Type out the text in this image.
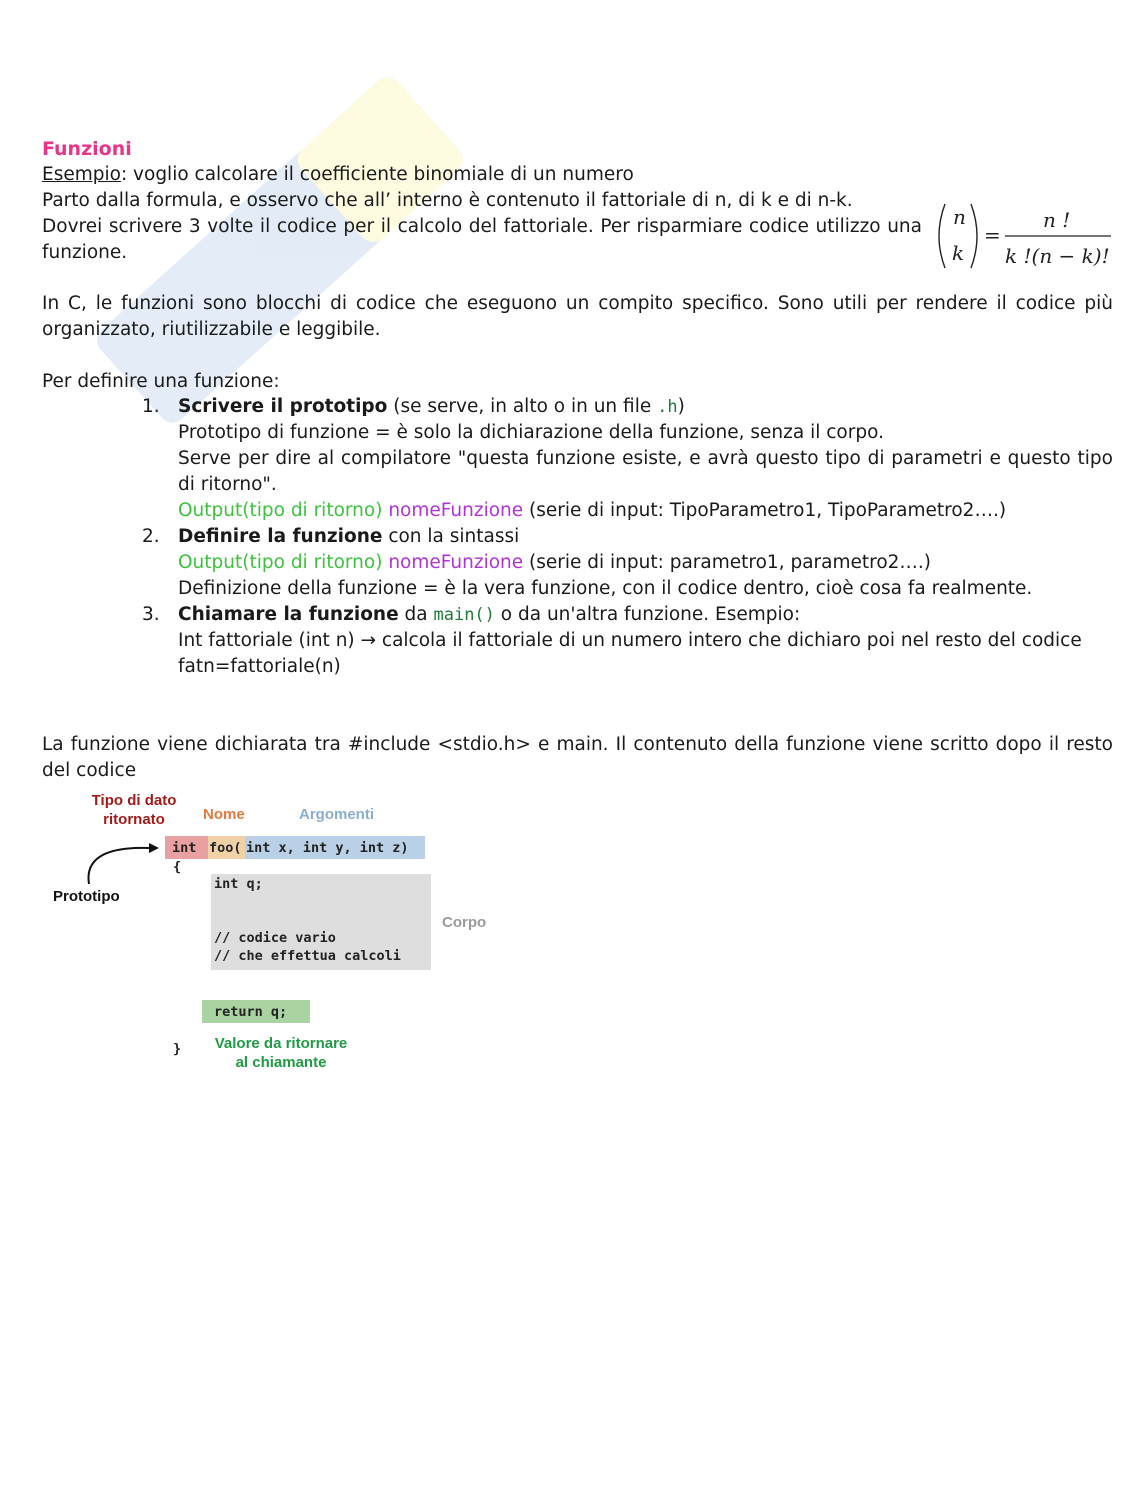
Funzioni

Esempio: voglio calcolare il coefficiente binomiale di un numero

Parto dalla formula, e osservo che all’ interno è contenuto il fattoriale di n, di k e di n-k.

Dovrei scrivere 3 volte il codice per il calcolo del fattoriale. Per risparmiare codice utilizzo una funzione.

In C, le funzioni sono blocchi di codice che eseguono un compito specifico. Sono utili per rendere il codice più organizzato, riutilizzabile e leggibile.

Per definire una funzione:

1. Scrivere il prototipo (se serve, in alto o in un file .h)
Prototipo di funzione = è solo la dichiarazione della funzione, senza il corpo.
Serve per dire al compilatore "questa funzione esiste, e avrà questo tipo di parametri e questo tipo di ritorno".
Output(tipo di ritorno) nomeFunzione (serie di input: TipoParametro1, TipoParametro2….)
2. Definire la funzione con la sintassi
Output(tipo di ritorno) nomeFunzione (serie di input: parametro1, parametro2….)
Definizione della funzione = è la vera funzione, con il codice dentro, cioè cosa fa realmente.
3. Chiamare la funzione da main() o da un'altra funzione. Esempio:
Int fattoriale (int n) → calcola il fattoriale di un numero intero che dichiaro poi nel resto del codice
fatn=fattoriale(n)

La funzione viene dichiarata tra #include <stdio.h> e main. Il contenuto della funzione viene scritto dopo il resto del codice

n
k
=
n !
k !(n − k)!
Tipo di dato
ritornato	Nome	Argomenti
int foo( int x, int y, int z)
{
Prototipo
int q;

// codice vario
// che effettua calcoli
Corpo
return q;
}	Valore da ritornare
al chiamante
